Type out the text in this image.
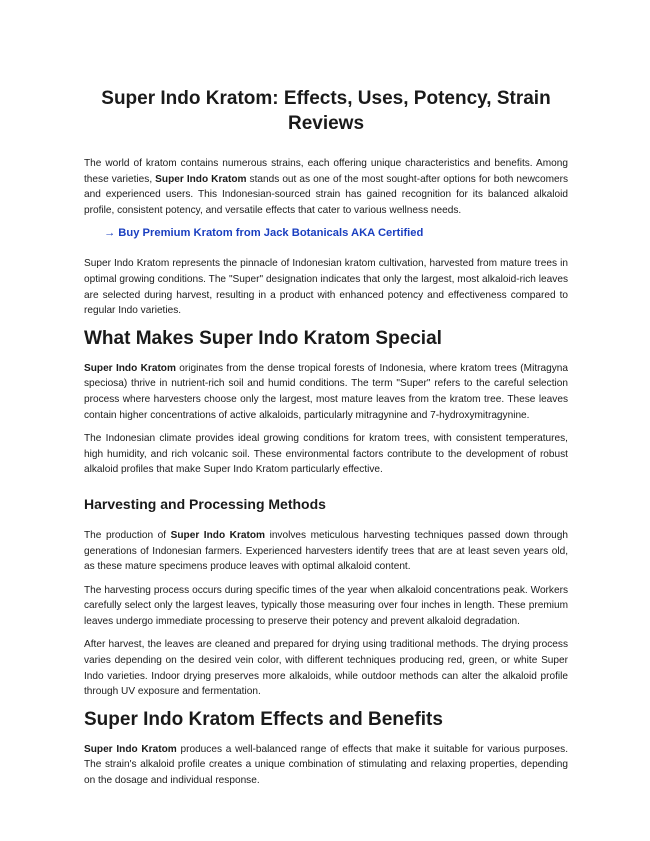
Super Indo Kratom: Effects, Uses, Potency, Strain Reviews

The world of kratom contains numerous strains, each offering unique characteristics and benefits. Among these varieties, Super Indo Kratom stands out as one of the most sought-after options for both newcomers and experienced users. This Indonesian-sourced strain has gained recognition for its balanced alkaloid profile, consistent potency, and versatile effects that cater to various wellness needs.

→ Buy Premium Kratom from Jack Botanicals AKA Certified

Super Indo Kratom represents the pinnacle of Indonesian kratom cultivation, harvested from mature trees in optimal growing conditions. The "Super" designation indicates that only the largest, most alkaloid-rich leaves are selected during harvest, resulting in a product with enhanced potency and effectiveness compared to regular Indo varieties.

What Makes Super Indo Kratom Special

Super Indo Kratom originates from the dense tropical forests of Indonesia, where kratom trees (Mitragyna speciosa) thrive in nutrient-rich soil and humid conditions. The term "Super" refers to the careful selection process where harvesters choose only the largest, most mature leaves from the kratom tree. These leaves contain higher concentrations of active alkaloids, particularly mitragynine and 7-hydroxymitragynine.

The Indonesian climate provides ideal growing conditions for kratom trees, with consistent temperatures, high humidity, and rich volcanic soil. These environmental factors contribute to the development of robust alkaloid profiles that make Super Indo Kratom particularly effective.

Harvesting and Processing Methods

The production of Super Indo Kratom involves meticulous harvesting techniques passed down through generations of Indonesian farmers. Experienced harvesters identify trees that are at least seven years old, as these mature specimens produce leaves with optimal alkaloid content.

The harvesting process occurs during specific times of the year when alkaloid concentrations peak. Workers carefully select only the largest leaves, typically those measuring over four inches in length. These premium leaves undergo immediate processing to preserve their potency and prevent alkaloid degradation.

After harvest, the leaves are cleaned and prepared for drying using traditional methods. The drying process varies depending on the desired vein color, with different techniques producing red, green, or white Super Indo varieties. Indoor drying preserves more alkaloids, while outdoor methods can alter the alkaloid profile through UV exposure and fermentation.

Super Indo Kratom Effects and Benefits

Super Indo Kratom produces a well-balanced range of effects that make it suitable for various purposes. The strain's alkaloid profile creates a unique combination of stimulating and relaxing properties, depending on the dosage and individual response.
